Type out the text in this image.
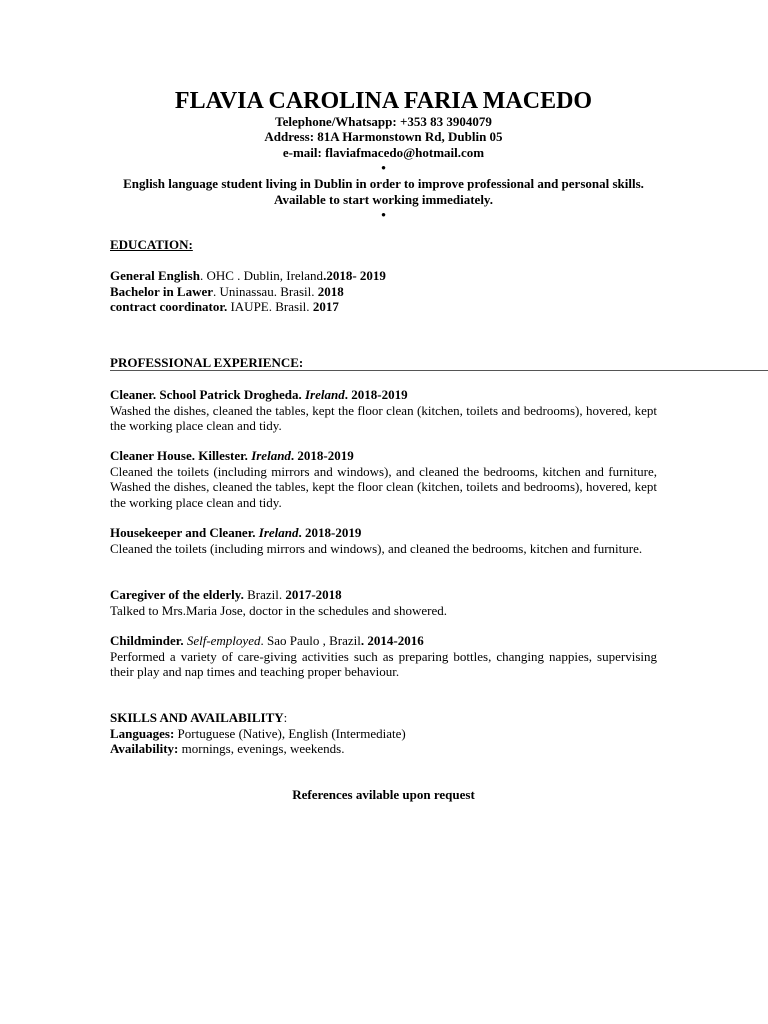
FLAVIA CAROLINA FARIA MACEDO
Telephone/Whatsapp: +353 83 3904079
Address: 81A Harmonstown Rd, Dublin 05
e-mail: flaviafmacedo@hotmail.com
•
English language student living in Dublin in order to improve professional and personal skills. Available to start working immediately.
•
EDUCATION:
General English. OHC . Dublin, Ireland.2018- 2019
Bachelor in Lawer. Uninassau. Brasil. 2018
contract coordinator. IAUPE. Brasil. 2017
PROFESSIONAL EXPERIENCE:
Cleaner. School Patrick Drogheda. Ireland. 2018-2019
Washed the dishes, cleaned the tables, kept the floor clean (kitchen, toilets and bedrooms), hovered, kept the working place clean and tidy.
Cleaner House. Killester. Ireland. 2018-2019
Cleaned the toilets (including mirrors and windows), and cleaned the bedrooms, kitchen and furniture, Washed the dishes, cleaned the tables, kept the floor clean (kitchen, toilets and bedrooms), hovered, kept the working place clean and tidy.
Housekeeper and Cleaner. Ireland. 2018-2019
Cleaned the toilets (including mirrors and windows), and cleaned the bedrooms, kitchen and furniture.
Caregiver of the elderly. Brazil. 2017-2018
Talked to Mrs.Maria Jose, doctor in the schedules and showered.
Childminder. Self-employed. Sao Paulo , Brazil. 2014-2016
Performed a variety of care-giving activities such as preparing bottles, changing nappies, supervising their play and nap times and teaching proper behaviour.
SKILLS AND AVAILABILITY:
Languages: Portuguese (Native), English (Intermediate)
Availability: mornings, evenings, weekends.
References avilable upon request
